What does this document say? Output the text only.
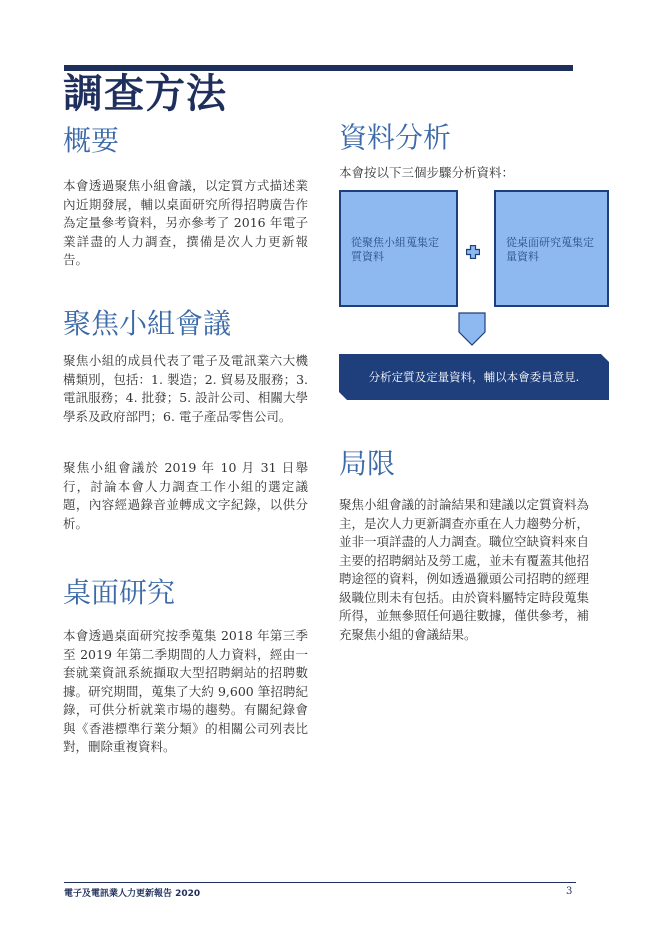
調查方法
概要

本會透過聚焦小組會議，以定質方式描述業內近期發展，輔以桌面研究所得招聘廣告作為定量參考資料，另亦參考了 2016 年電子業詳盡的人力調查，撰備是次人力更新報告。

聚焦小組會議

聚焦小組的成員代表了電子及電訊業六大機構類別，包括：1. 製造；2. 貿易及服務；3. 電訊服務；4. 批發；5. 設計公司、相關大學學系及政府部門；6. 電子產品零售公司。

聚焦小組會議於 2019 年 10 月 31 日舉行，討論本會人力調查工作小組的選定議題，內容經過錄音並轉成文字紀錄，以供分析。

桌面研究

本會透過桌面研究按季蒐集 2018 年第三季至 2019 年第二季期間的人力資料，經由一套就業資訊系統擷取大型招聘網站的招聘數據。研究期間，蒐集了大約 9,600 筆招聘紀錄，可供分析就業市場的趨勢。有關紀錄會與《香港標準行業分類》的相關公司列表比對，刪除重複資料。

資料分析

本會按以下三個步驟分析資料：

從聚焦小組蒐集定質資料
從桌面研究蒐集定量資料
分析定質及定量資料，輔以本會委員意見.
局限

聚焦小組會議的討論結果和建議以定質資料為主，是次人力更新調查亦重在人力趨勢分析，並非一項詳盡的人力調查。職位空缺資料來自主要的招聘網站及勞工處，並未有覆蓋其他招聘途徑的資料，例如透過獵頭公司招聘的經理級職位則未有包括。由於資料屬特定時段蒐集所得，並無參照任何過往數據，僅供參考，補充聚焦小組的會議結果。

電子及電訊業人力更新報告 2020	3
